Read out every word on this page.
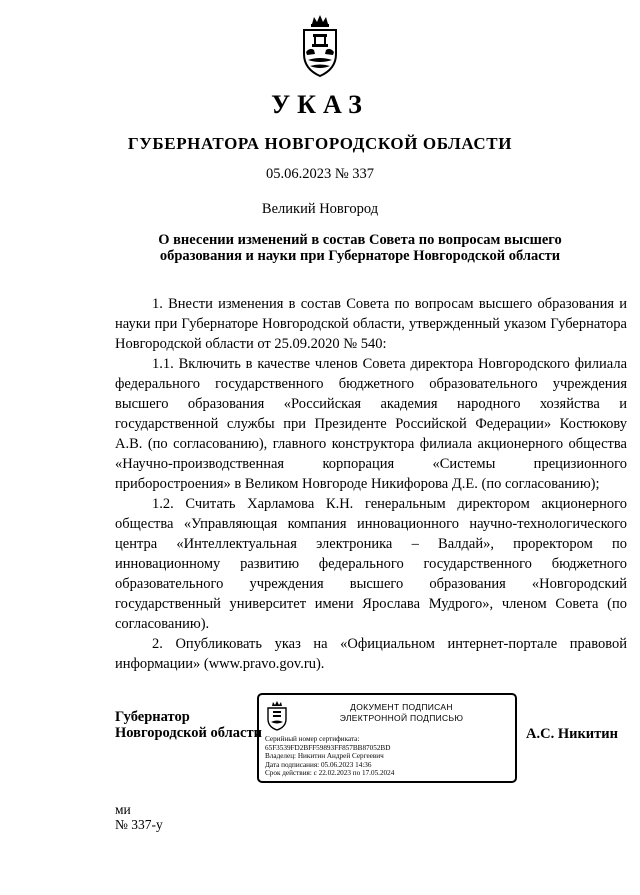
УКАЗ
ГУБЕРНАТОРА НОВГОРОДСКОЙ ОБЛАСТИ
05.06.2023 № 337
Великий Новгород
О внесении изменений в состав Совета по вопросам высшего
образования и науки при Губернаторе Новгородской области

1. Внести изменения в состав Совета по вопросам высшего образования и науки при Губернаторе Новгородской области, утвержденный указом Губернатора Новгородской области от 25.09.2020 № 540:

1.1. Включить в качестве членов Совета директора Новгородского филиала федерального государственного бюджетного образовательного учреждения высшего образования «Российская академия народного хозяйства и государственной службы при Президенте Российской Федерации» Костюкову А.В. (по согласованию), главного конструктора филиала акционерного общества «Научно-производственная корпорация «Системы прецизионного приборостроения» в Великом Новгороде Никифорова Д.Е. (по согласованию);

1.2. Считать Харламова К.Н. генеральным директором акционерного общества «Управляющая компания инновационного научно-технологического центра «Интеллектуальная электроника – Валдай», проректором по инновационному развитию федерального государственного бюджетного образовательного учреждения высшего образования «Новгородский государственный университет имени Ярослава Мудрого», членом Совета (по согласованию).

2. Опубликовать указ на «Официальном интернет-портале правовой информации» (www.pravo.gov.ru).

Губернатор
Новгородской области
ДОКУМЕНТ ПОДПИСАН
ЭЛЕКТРОННОЙ ПОДПИСЬЮ
Серийный номер сертификата:
65F3539FD2BFF59893FF857BB87052BD
Владелец: Никитин Андрей Сергеевич
Дата подписания: 05.06.2023 14:36
Срок действия: с 22.02.2023 по 17.05.2024
А.С. Никитин
ми
№ 337-у
